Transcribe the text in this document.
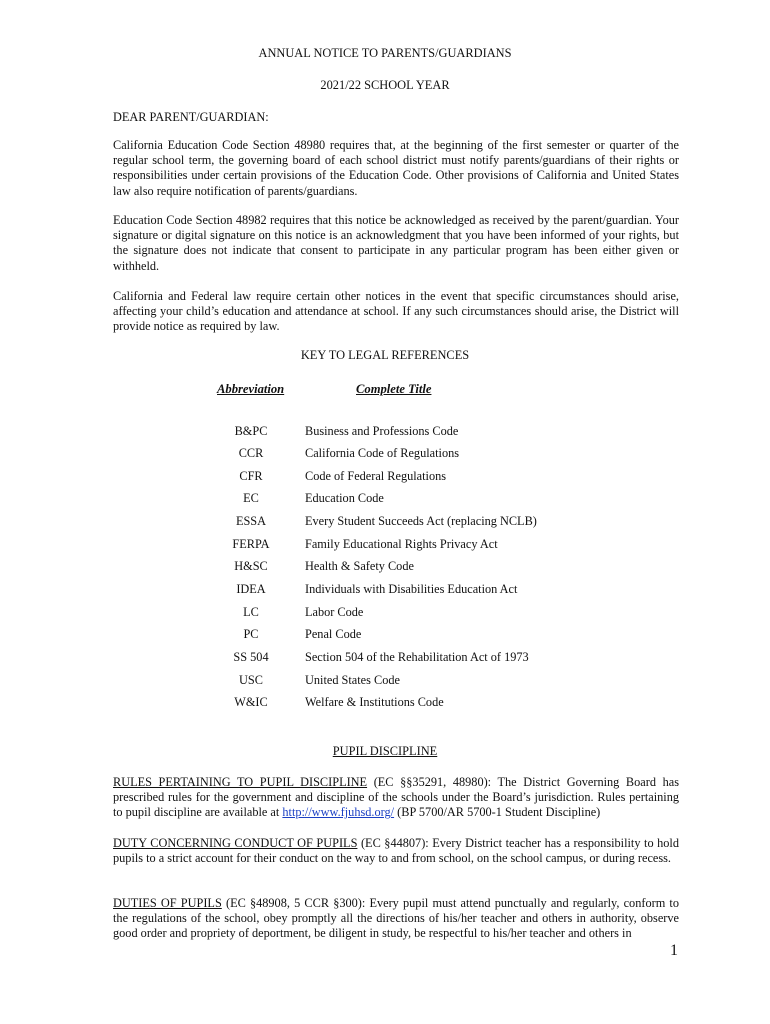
ANNUAL NOTICE TO PARENTS/GUARDIANS
2021/22 SCHOOL YEAR
DEAR PARENT/GUARDIAN:
California Education Code Section 48980 requires that, at the beginning of the first semester or quarter of the regular school term, the governing board of each school district must notify parents/guardians of their rights or responsibilities under certain provisions of the Education Code. Other provisions of California and United States law also require notification of parents/guardians.
Education Code Section 48982 requires that this notice be acknowledged as received by the parent/guardian. Your signature or digital signature on this notice is an acknowledgment that you have been informed of your rights, but the signature does not indicate that consent to participate in any particular program has been either given or withheld.
California and Federal law require certain other notices in the event that specific circumstances should arise, affecting your child’s education and attendance at school. If any such circumstances should arise, the District will provide notice as required by law.
KEY TO LEGAL REFERENCES
Abbreviation	Complete Title
B&PC	Business and Professions Code
CCR	California Code of Regulations
CFR	Code of Federal Regulations
EC	Education Code
ESSA	Every Student Succeeds Act (replacing NCLB)
FERPA	Family Educational Rights Privacy Act
H&SC	Health & Safety Code
IDEA	Individuals with Disabilities Education Act
LC	Labor Code
PC	Penal Code
SS 504	Section 504 of the Rehabilitation Act of 1973
USC	United States Code
W&IC	Welfare & Institutions Code
PUPIL DISCIPLINE
RULES PERTAINING TO PUPIL DISCIPLINE (EC §§35291, 48980): The District Governing Board has prescribed rules for the government and discipline of the schools under the Board’s jurisdiction. Rules pertaining to pupil discipline are available at http://www.fjuhsd.org/ (BP 5700/AR 5700-1 Student Discipline)
DUTY CONCERNING CONDUCT OF PUPILS (EC §44807): Every District teacher has a responsibility to hold pupils to a strict account for their conduct on the way to and from school, on the school campus, or during recess.
DUTIES OF PUPILS (EC §48908, 5 CCR §300): Every pupil must attend punctually and regularly, conform to the regulations of the school, obey promptly all the directions of his/her teacher and others in authority, observe good order and propriety of deportment, be diligent in study, be respectful to his/her teacher and others in
1
